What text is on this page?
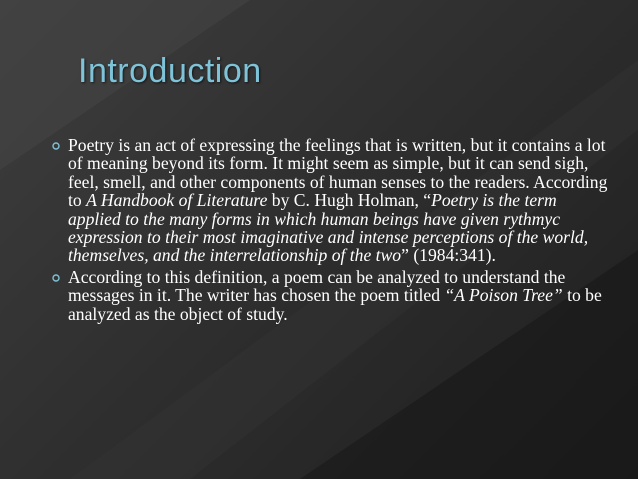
Introduction

Poetry is an act of expressing the feelings that is written, but it contains a lot of meaning beyond its form. It might seem as simple, but it can send sigh, feel, smell, and other components of human senses to the readers. According to A Handbook of Literature by C. Hugh Holman, “Poetry is the term applied to the many forms in which human beings have given rythmyc expression to their most imaginative and intense perceptions of the world, themselves, and the interrelationship of the two” (1984:341).

According to this definition, a poem can be analyzed to understand the messages in it. The writer has chosen the poem titled “A Poison Tree” to be analyzed as the object of study.
